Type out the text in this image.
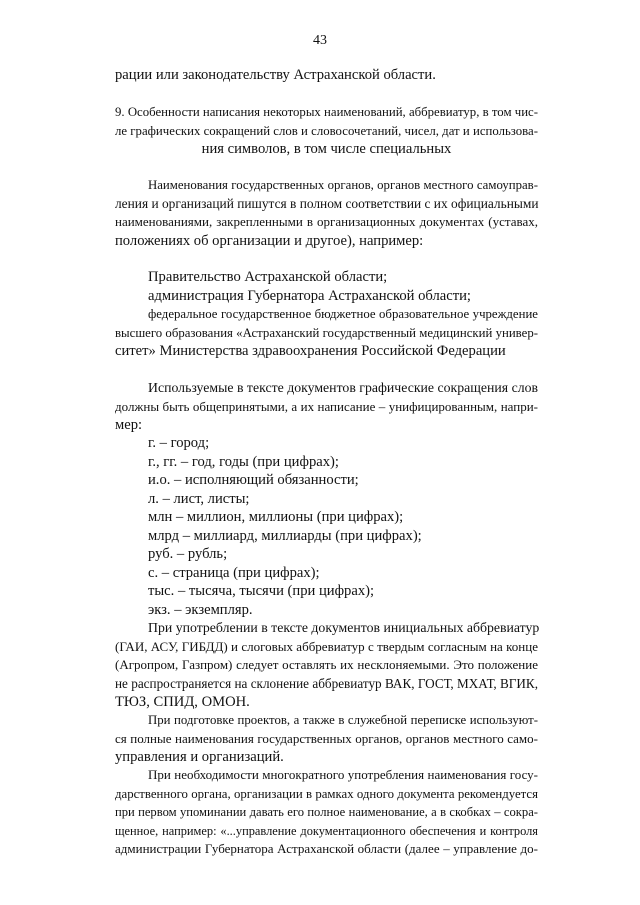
43
рации или законодательству Астраханской области.
9. Особенности написания некоторых наименований, аббревиатур, в том чис-
ле графических сокращений слов и словосочетаний, чисел, дат и использова-
ния символов, в том числе специальных
Наименования государственных органов, органов местного самоуправ-
ления и организаций пишутся в полном соответствии с их официальными
наименованиями, закрепленными в организационных документах (уставах,
положениях об организации и другое), например:
Правительство Астраханской области;
администрация Губернатора Астраханской области;
федеральное государственное бюджетное образовательное учреждение
высшего образования «Астраханский государственный медицинский универ-
ситет» Министерства здравоохранения Российской Федерации
Используемые в тексте документов графические сокращения слов
должны быть общепринятыми, а их написание – унифицированным, напри-
мер:
г. – город;
г., гг. – год, годы (при цифрах);
и.о. – исполняющий обязанности;
л. – лист, листы;
млн – миллион, миллионы (при цифрах);
млрд – миллиард, миллиарды (при цифрах);
руб. – рубль;
с. – страница (при цифрах);
тыс. – тысяча, тысячи (при цифрах);
экз. – экземпляр.
При употреблении в тексте документов инициальных аббревиатур
(ГАИ, АСУ, ГИБДД) и слоговых аббревиатур с твердым согласным на конце
(Агропром, Газпром) следует оставлять их несклоняемыми. Это положение
не распространяется на склонение аббревиатур ВАК, ГОСТ, МХАТ, ВГИК,
ТЮЗ, СПИД, ОМОН.
При подготовке проектов, а также в служебной переписке используют-
ся полные наименования государственных органов, органов местного само-
управления и организаций.
При необходимости многократного употребления наименования госу-
дарственного органа, организации в рамках одного документа рекомендуется
при первом упоминании давать его полное наименование, а в скобках – сокра-
щенное, например: «...управление документационного обеспечения и контроля
администрации Губернатора Астраханской области (далее – управление до-
